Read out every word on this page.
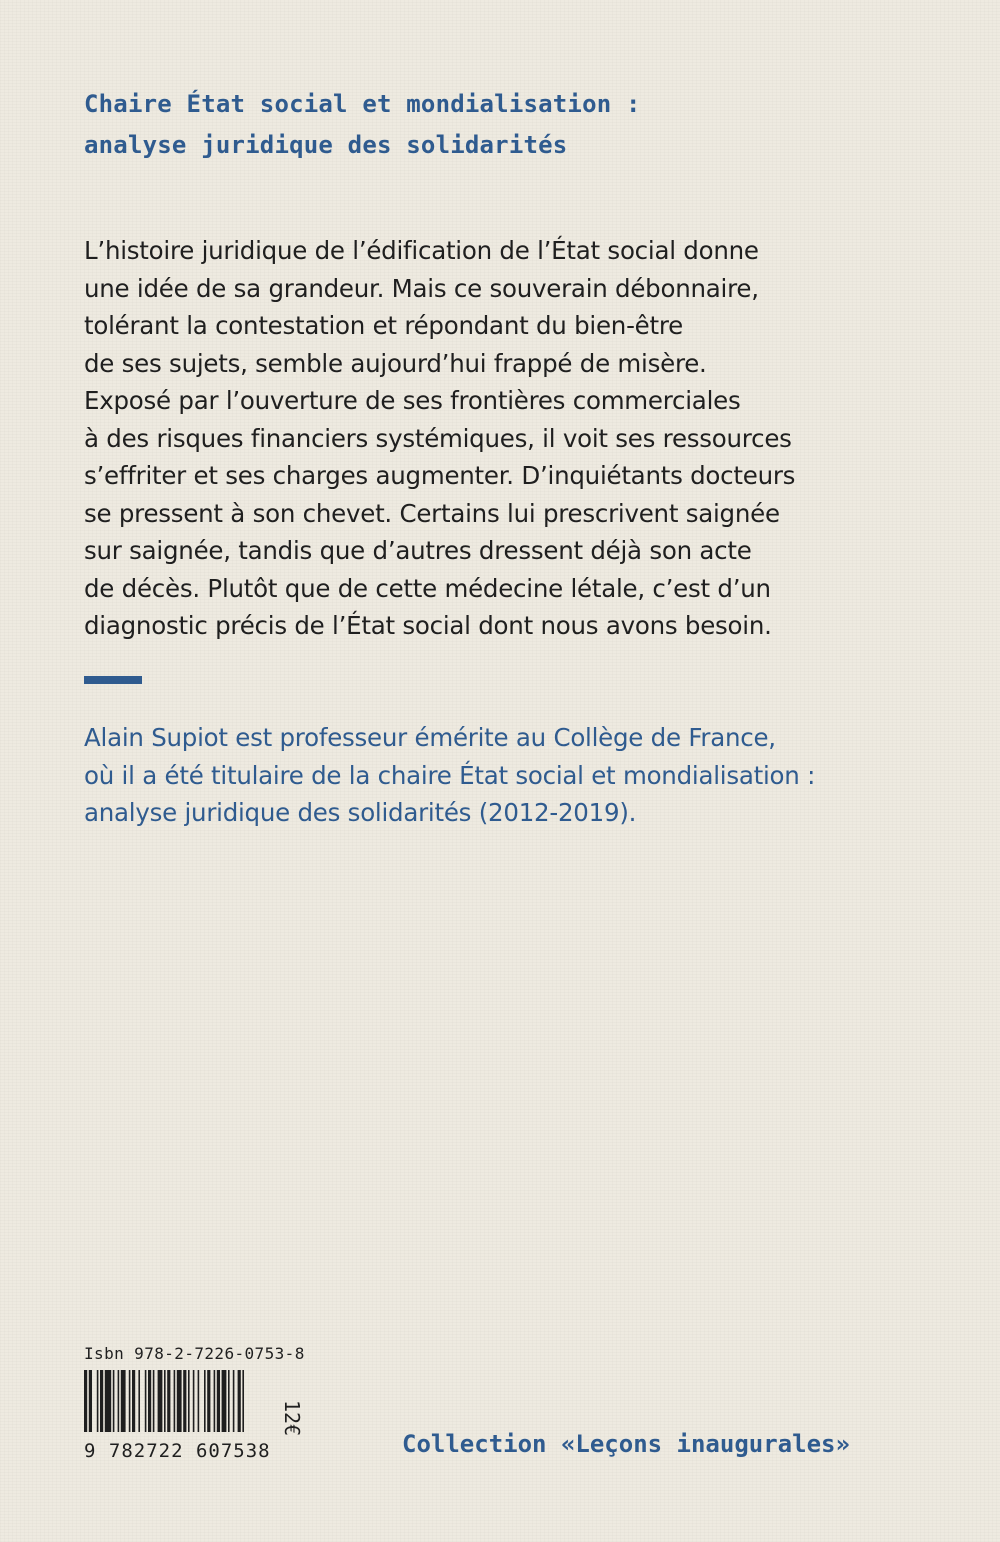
Chaire État social et mondialisation :
analyse juridique des solidarités
L’histoire juridique de l’édification de l’État social donne
une idée de sa grandeur. Mais ce souverain débonnaire,
tolérant la contestation et répondant du bien-être
de ses sujets, semble aujourd’hui frappé de misère.
Exposé par l’ouverture de ses frontières commerciales
à des risques financiers systémiques, il voit ses ressources
s’effriter et ses charges augmenter. D’inquiétants docteurs
se pressent à son chevet. Certains lui prescrivent saignée
sur saignée, tandis que d’autres dressent déjà son acte
de décès. Plutôt que de cette médecine létale, c’est d’un
diagnostic précis de l’État social dont nous avons besoin.
Alain Supiot est professeur émérite au Collège de France,
où il a été titulaire de la chaire État social et mondialisation :
analyse juridique des solidarités (2012-2019).
Isbn 978-2-7226-0753-8
9 782722 607538
12€
Collection «Leçons inaugurales»
